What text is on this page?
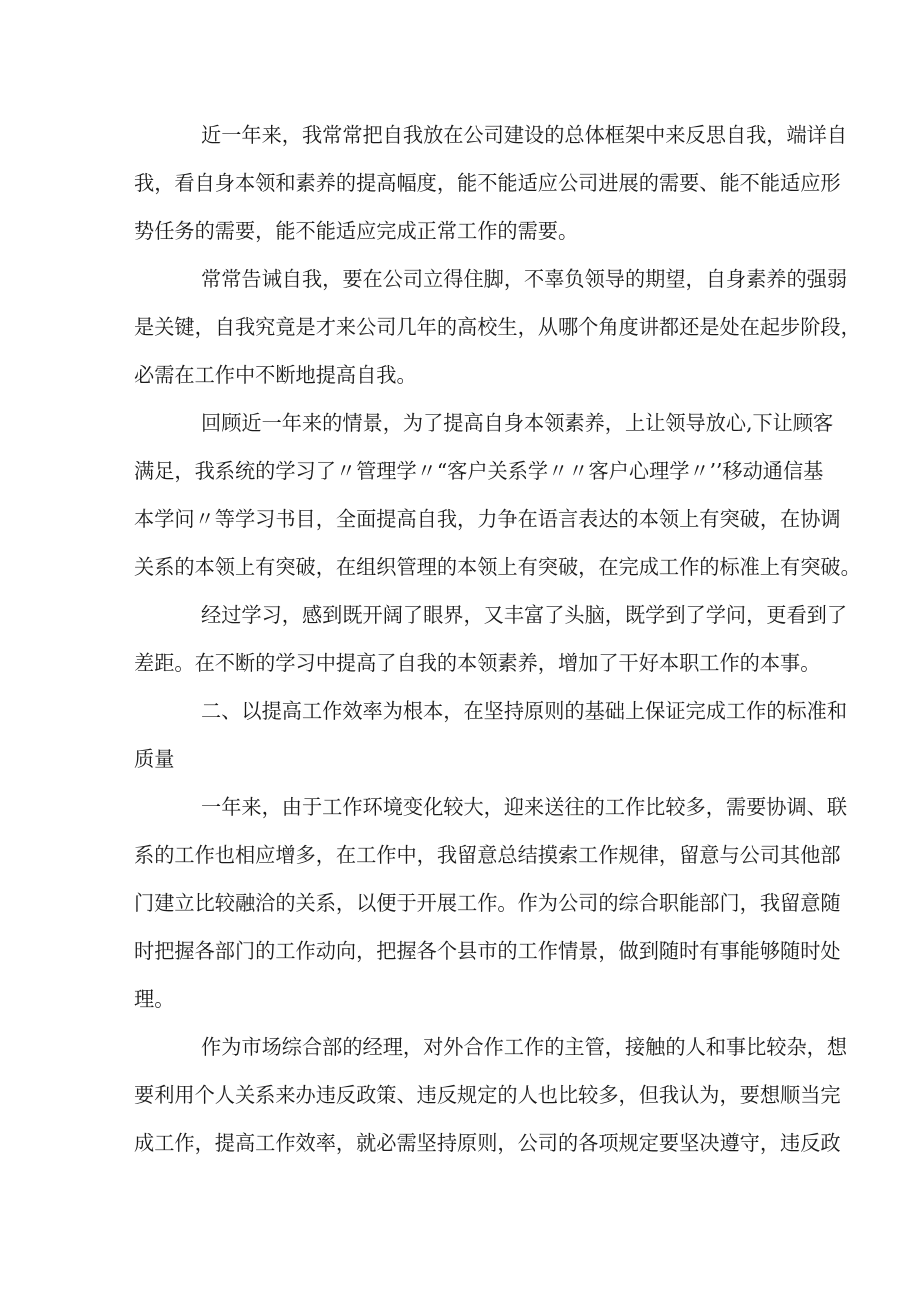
近一年来，我常常把自我放在公司建设的总体框架中来反思自我，端详自
我，看自身本领和素养的提高幅度，能不能适应公司进展的需要、能不能适应形
势任务的需要，能不能适应完成正常工作的需要。
常常告诫自我，要在公司立得住脚，不辜负领导的期望，自身素养的强弱
是关键，自我究竟是才来公司几年的高校生，从哪个角度讲都还是处在起步阶段，
必需在工作中不断地提高自我。
回顾近一年来的情景，为了提高自身本领素养，上让领导放心,下让顾客
满足，我系统的学习了〃管理学〃“客户关系学〃〃客户心理学〃’’移动通信基
本学问〃等学习书目，全面提高自我，力争在语言表达的本领上有突破，在协调
关系的本领上有突破，在组织管理的本领上有突破，在完成工作的标准上有突破。
经过学习，感到既开阔了眼界，又丰富了头脑，既学到了学问，更看到了
差距。在不断的学习中提高了自我的本领素养，增加了干好本职工作的本事。
二、以提高工作效率为根本，在坚持原则的基础上保证完成工作的标准和
质量
一年来，由于工作环境变化较大，迎来送往的工作比较多，需要协调、联
系的工作也相应增多，在工作中，我留意总结摸索工作规律，留意与公司其他部
门建立比较融洽的关系，以便于开展工作。作为公司的综合职能部门，我留意随
时把握各部门的工作动向，把握各个县市的工作情景，做到随时有事能够随时处
理。
作为市场综合部的经理，对外合作工作的主管，接触的人和事比较杂，想
要利用个人关系来办违反政策、违反规定的人也比较多，但我认为，要想顺当完
成工作，提高工作效率，就必需坚持原则，公司的各项规定要坚决遵守，违反政
